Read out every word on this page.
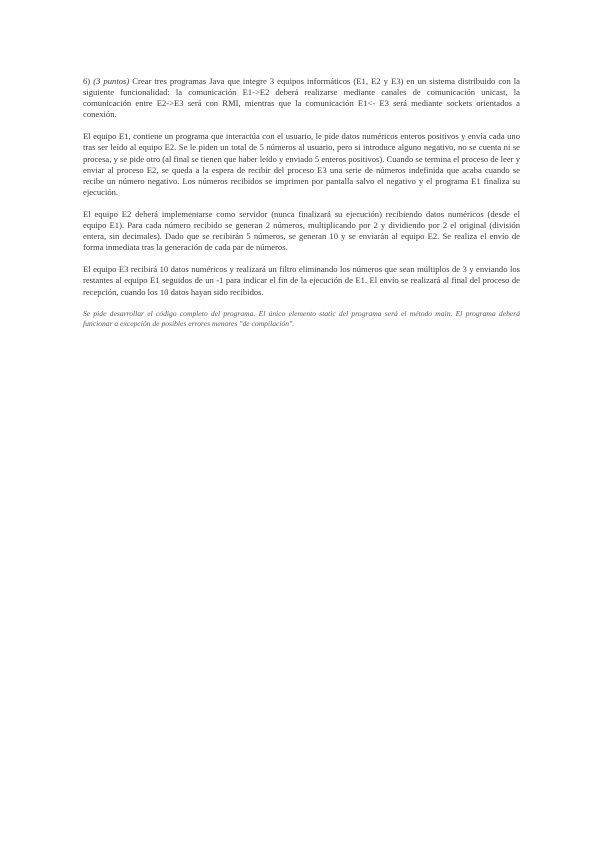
6) (3 puntos) Crear tres programas Java que integre 3 equipos informáticos (E1, E2 y E3) en un sistema distribuido con la siguiente funcionalidad: la comunicación E1->E2 deberá realizarse mediante canales de comunicación unicast, la comunicación entre E2->E3 será con RMI, mientras que la comunicación E1<- E3 será mediante sockets orientados a conexión.

El equipo E1, contiene un programa que interactúa con el usuario, le pide datos numéricos enteros positivos y envía cada uno tras ser leído al equipo E2. Se le piden un total de 5 números al usuario, pero si introduce alguno negativo, no se cuenta ni se procesa, y se pide otro (al final se tienen que haber leído y enviado 5 enteros positivos). Cuando se termina el proceso de leer y enviar al proceso E2, se queda a la espera de recibir del proceso E3 una serie de números indefinida que acaba cuando se recibe un número negativo. Los números recibidos se imprimen por pantalla salvo el negativo y el programa E1 finaliza su ejecución.

El equipo E2 deberá implementarse como servidor (nunca finalizará su ejecución) recibiendo datos numéricos (desde el equipo E1). Para cada número recibido se generan 2 números, multiplicando por 2 y dividiendo por 2 el original (división entera, sin decimales). Dado que se recibirán 5 números, se generan 10 y se enviarán al equipo E2. Se realiza el envío de forma inmediata tras la generación de cada par de números.

El equipo E3 recibirá 10 datos numéricos y realizará un filtro eliminando los números que sean múltiplos de 3 y enviando los restantes al equipo E1 seguidos de un -1 para indicar el fin de la ejecución de E1. El envío se realizará al final del proceso de recepción, cuando los 10 datos hayan sido recibidos.

Se pide desarrollar el código completo del programa. El único elemento static del programa será el método main. El programa deberá funcionar a excepción de posibles errores menores "de compilación".
